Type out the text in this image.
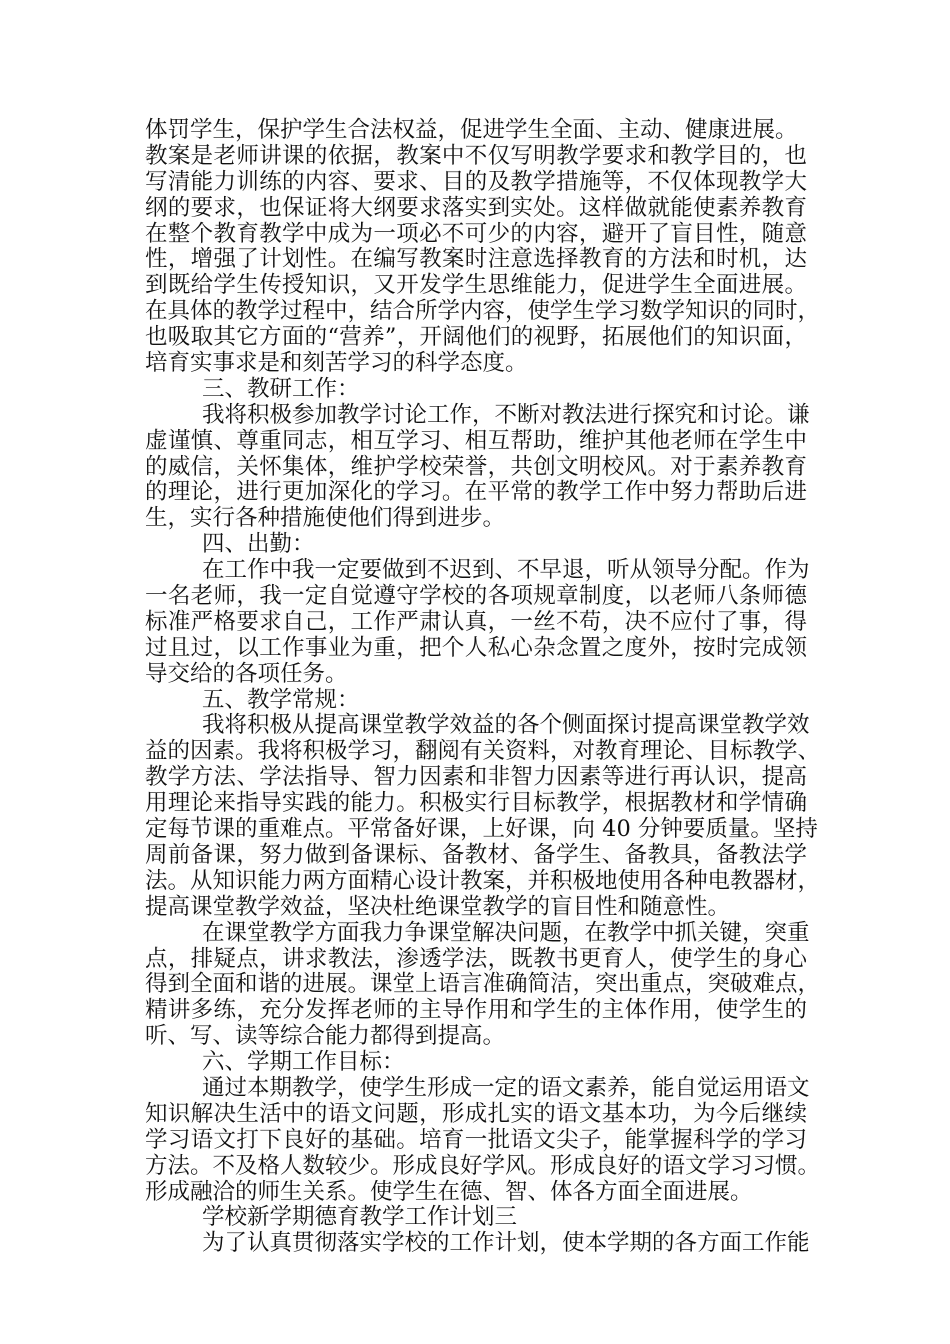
体罚学生，保护学生合法权益，促进学生全面、主动、健康进展。
教案是老师讲课的依据，教案中不仅写明教学要求和教学目的，也
写清能力训练的内容、要求、目的及教学措施等，不仅体现教学大
纲的要求，也保证将大纲要求落实到实处。这样做就能使素养教育
在整个教育教学中成为一项必不可少的内容，避开了盲目性，随意
性，增强了计划性。在编写教案时注意选择教育的方法和时机，达
到既给学生传授知识，又开发学生思维能力，促进学生全面进展。
在具体的教学过程中，结合所学内容，使学生学习数学知识的同时，
也吸取其它方面的“营养”，开阔他们的视野，拓展他们的知识面，
培育实事求是和刻苦学习的科学态度。
三、教研工作：
我将积极参加教学讨论工作，不断对教法进行探究和讨论。谦
虚谨慎、尊重同志，相互学习、相互帮助，维护其他老师在学生中
的威信，关怀集体，维护学校荣誉，共创文明校风。对于素养教育
的理论，进行更加深化的学习。在平常的教学工作中努力帮助后进
生，实行各种措施使他们得到进步。
四、出勤：
在工作中我一定要做到不迟到、不早退，听从领导分配。作为
一名老师，我一定自觉遵守学校的各项规章制度，以老师八条师德
标准严格要求自己，工作严肃认真，一丝不苟，决不应付了事，得
过且过，以工作事业为重，把个人私心杂念置之度外，按时完成领
导交给的各项任务。
五、教学常规：
我将积极从提高课堂教学效益的各个侧面探讨提高课堂教学效
益的因素。我将积极学习，翻阅有关资料，对教育理论、目标教学、
教学方法、学法指导、智力因素和非智力因素等进行再认识，提高
用理论来指导实践的能力。积极实行目标教学，根据教材和学情确
定每节课的重难点。平常备好课，上好课，向 40 分钟要质量。坚持
周前备课，努力做到备课标、备教材、备学生、备教具，备教法学
法。从知识能力两方面精心设计教案，并积极地使用各种电教器材，
提高课堂教学效益，坚决杜绝课堂教学的盲目性和随意性。
在课堂教学方面我力争课堂解决问题，在教学中抓关键，突重
点，排疑点，讲求教法，渗透学法，既教书更育人，使学生的身心
得到全面和谐的进展。课堂上语言准确简洁，突出重点，突破难点，
精讲多练，充分发挥老师的主导作用和学生的主体作用，使学生的
听、写、读等综合能力都得到提高。
六、学期工作目标：
通过本期教学，使学生形成一定的语文素养，能自觉运用语文
知识解决生活中的语文问题，形成扎实的语文基本功，为今后继续
学习语文打下良好的基础。培育一批语文尖子，能掌握科学的学习
方法。不及格人数较少。形成良好学风。形成良好的语文学习习惯。
形成融洽的师生关系。使学生在德、智、体各方面全面进展。
学校新学期德育教学工作计划三
为了认真贯彻落实学校的工作计划，使本学期的各方面工作能
